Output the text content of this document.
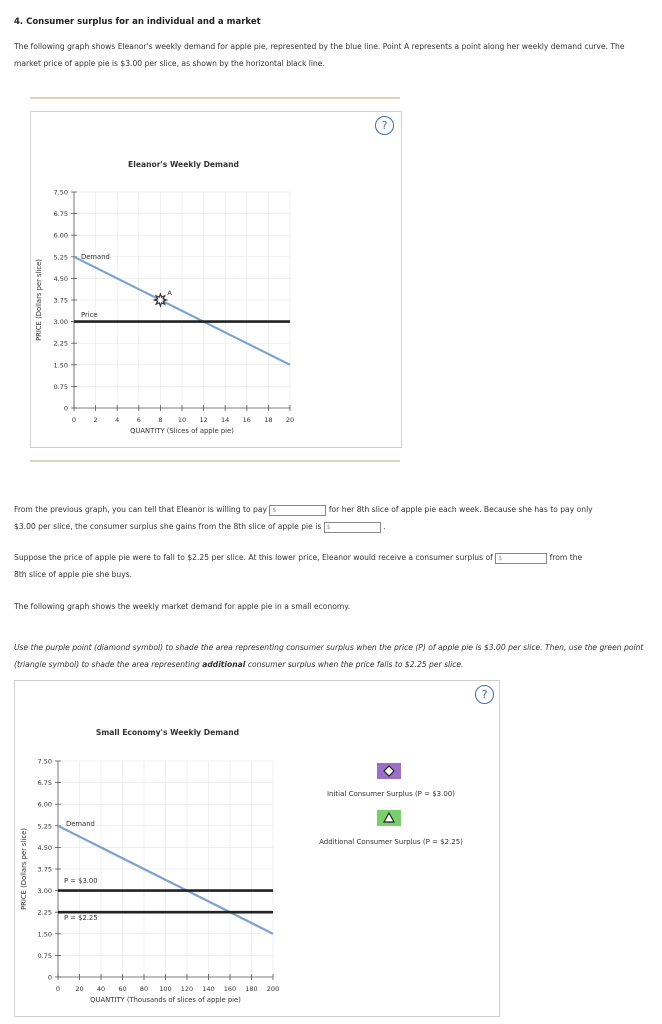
4. Consumer surplus for an individual and a market
The following graph shows Eleanor's weekly demand for apple pie, represented by the blue line. Point A represents a point along her weekly demand curve. The market price of apple pie is $3.00 per slice, as shown by the horizontal black line.
?
Eleanor's Weekly Demand
0	2	4	6	8 10 12 14 16 18 20
7.50
6.75
6.00
5.25
4.50
3.75
3.00
2.25
1.50
0.75
0
QUANTITY (Slices of apple pie)
PRICE (Dollars per slice)
Demand
Price
A
From the previous graph, you can tell that Eleanor is willing to pay $	for her 8th slice of apple pie each week. Because she has to pay only
$3.00 per slice, the consumer surplus she gains from the 8th slice of apple pie is $	.
Suppose the price of apple pie were to fall to $2.25 per slice. At this lower price, Eleanor would receive a consumer surplus of $	from the
8th slice of apple pie she buys.
The following graph shows the weekly market demand for apple pie in a small economy.
Use the purple point (diamond symbol) to shade the area representing consumer surplus when the price (P) of apple pie is $3.00 per slice. Then, use the green point (triangle symbol) to shade the area representing additional consumer surplus when the price falls to $2.25 per slice.
?
Small Economy's Weekly Demand
0 20 40 60 80 100 120 140 160 180 200
7.50
6.75
6.00
5.25
4.50
3.75
3.00
2.25
1.50
0.75
0
QUANTITY (Thousands of slices of apple pie)
PRICE (Dollars per slice)
Demand
P = $3.00
P = $2.25
Initial Consumer Surplus (P = $3.00)
Additional Consumer Surplus (P = $2.25)
